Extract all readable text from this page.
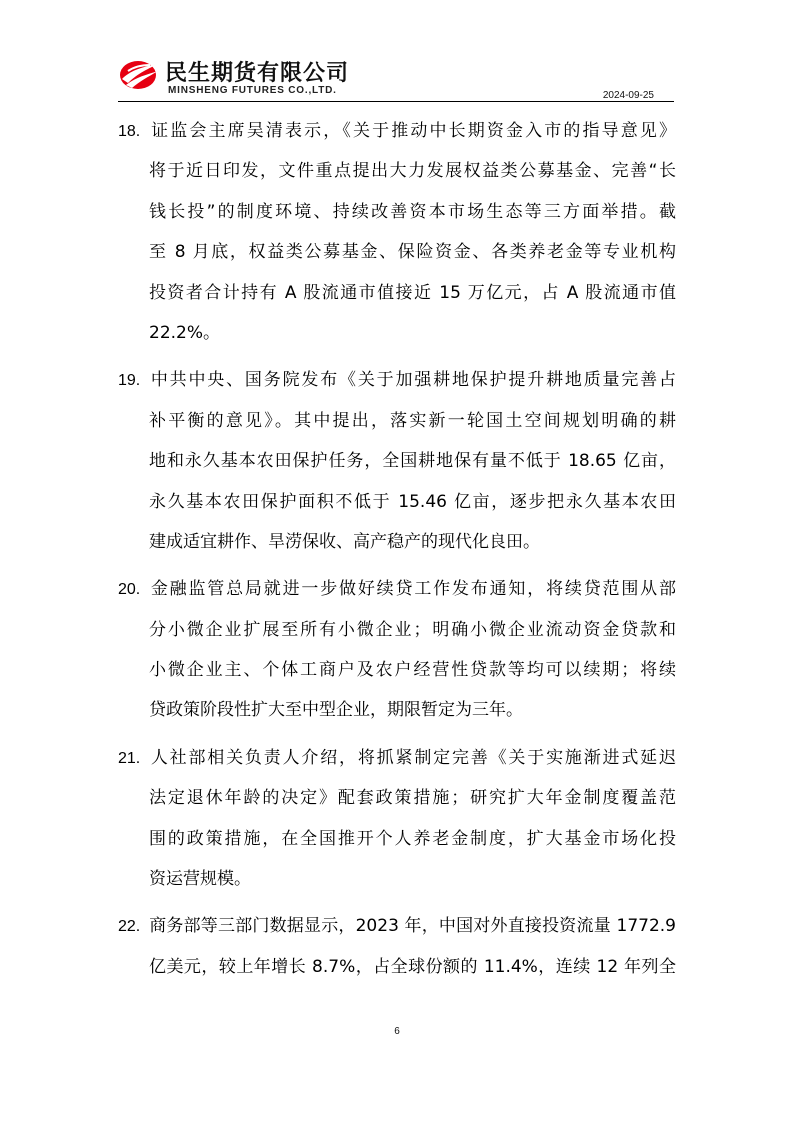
民生期货有限公司
MINSHENG FUTURES CO.,LTD.	2024-09-25
18. 证监会主席吴清表示，《关于推动中长期资金入市的指导意见》
将于近日印发，文件重点提出大力发展权益类公募基金、完善“长
钱长投”的制度环境、持续改善资本市场生态等三方面举措。截
至 8 月底，权益类公募基金、保险资金、各类养老金等专业机构
投资者合计持有 A 股流通市值接近 15 万亿元，占 A 股流通市值
22.2%。
19. 中共中央、国务院发布《关于加强耕地保护提升耕地质量完善占
补平衡的意见》。其中提出，落实新一轮国土空间规划明确的耕
地和永久基本农田保护任务，全国耕地保有量不低于 18.65 亿亩，
永久基本农田保护面积不低于 15.46 亿亩，逐步把永久基本农田
建成适宜耕作、旱涝保收、高产稳产的现代化良田。
20. 金融监管总局就进一步做好续贷工作发布通知，将续贷范围从部
分小微企业扩展至所有小微企业；明确小微企业流动资金贷款和
小微企业主、个体工商户及农户经营性贷款等均可以续期；将续
贷政策阶段性扩大至中型企业，期限暂定为三年。
21. 人社部相关负责人介绍，将抓紧制定完善《关于实施渐进式延迟
法定退休年龄的决定》配套政策措施；研究扩大年金制度覆盖范
围的政策措施，在全国推开个人养老金制度，扩大基金市场化投
资运营规模。
22. 商务部等三部门数据显示，2023 年，中国对外直接投资流量 1772.9
亿美元，较上年增长 8.7%，占全球份额的 11.4%，连续 12 年列全
6
